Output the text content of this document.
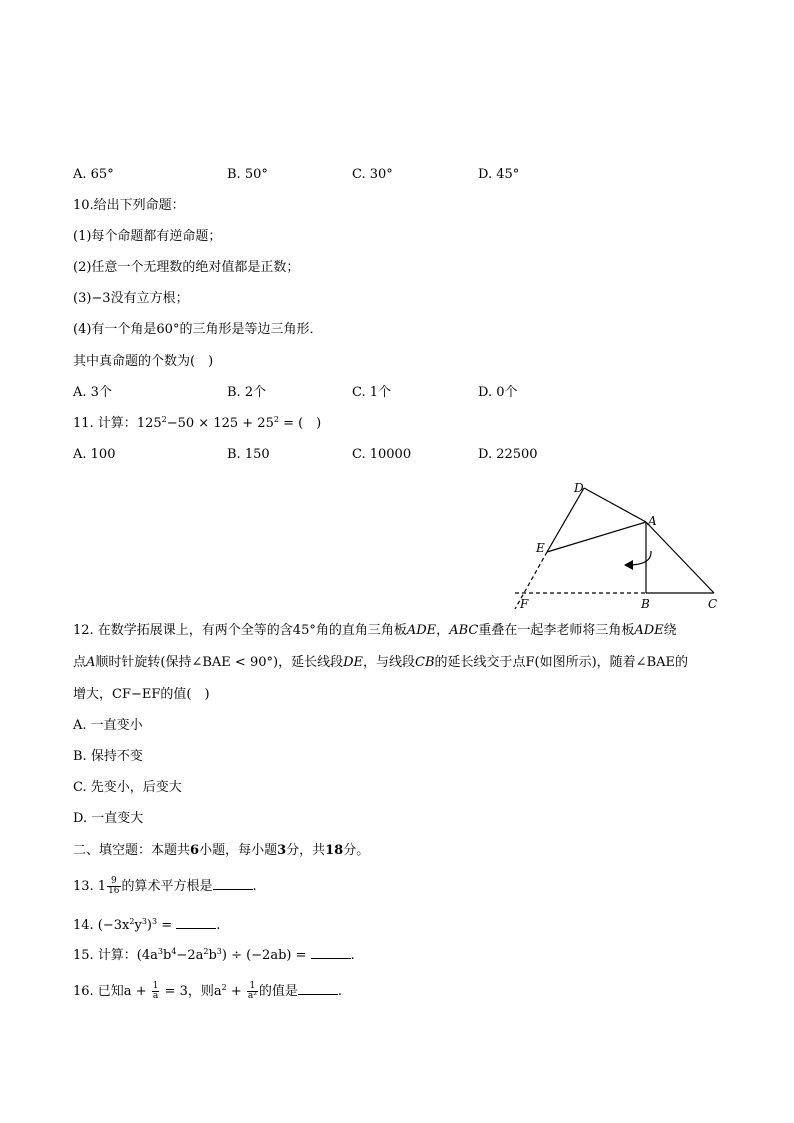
A. 65°	B. 50°	C. 30°	D. 45°
10.给出下列命题：
(1)每个命题都有逆命题；
(2)任意一个无理数的绝对值都是正数；
(3)−3没有立方根；
(4)有一个角是60°的三角形是等边三角形．
其中真命题的个数为(　)
A. 3个	B. 2个	C. 1个	D. 0个
11. 计算：$125^2-50 \times 125 + 25^2$ = (　)
A. 100	B. 150	C. 10000	D. 22500
D
A
E
F	B	C
12. 在数学拓展课上，有两个全等的含45°角的直角三角板ADE，ABC重叠在一起李老师将三角板ADE绕
点A顺时针旋转(保持∠BAE < 90°)，延长线段DE，与线段CB的延长线交于点F(如图所示)，随着∠BAE的
增大，CF−EF的值(　)
A. 一直变小
B. 保持不变
C. 先变小，后变大
D. 一直变大
二、填空题：本题共6小题，每小题3分，共18分。
13. $1 \frac{9}{16}$ 的算术平方根是	.
14. $(-3x^2y^3)^3$ =	.
15. 计算：$(4a^3b^4-2a^2b^3) \div (-2ab)$ =	.
16. 已知$a + \frac{1}{a} = 3$，则$a^2 + \frac{1}{\text{a²}}$ 的值是	.
